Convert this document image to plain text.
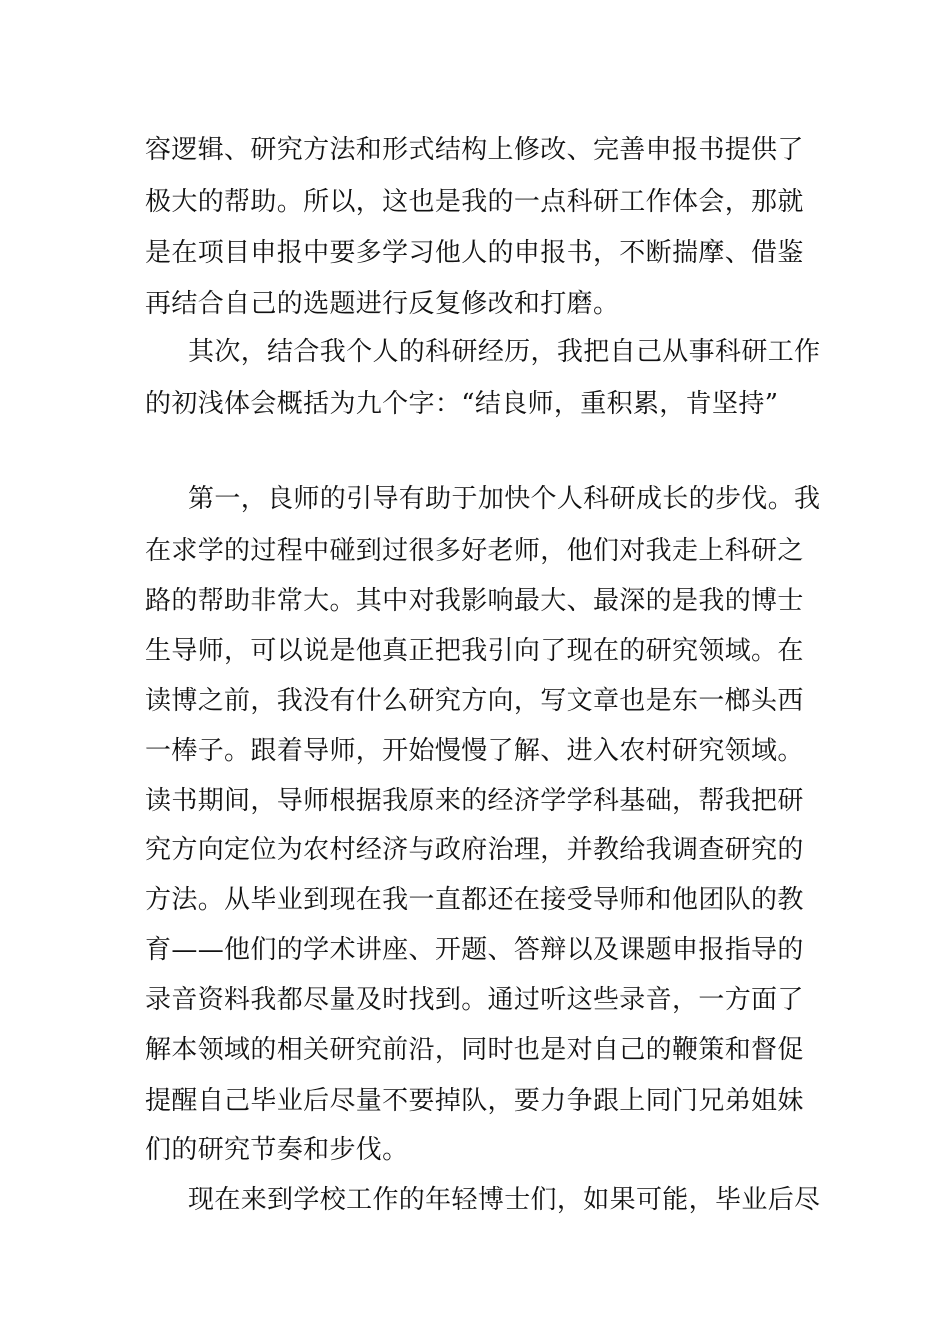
容逻辑、研究方法和形式结构上修改、完善申报书提供了
极大的帮助。所以，这也是我的一点科研工作体会，那就
是在项目申报中要多学习他人的申报书，不断揣摩、借鉴
再结合自己的选题进行反复修改和打磨。
其次，结合我个人的科研经历，我把自己从事科研工作
的初浅体会概括为九个字：“结良师，重积累，肯坚持”
第一，良师的引导有助于加快个人科研成长的步伐。我
在求学的过程中碰到过很多好老师，他们对我走上科研之
路的帮助非常大。其中对我影响最大、最深的是我的博士
生导师，可以说是他真正把我引向了现在的研究领域。在
读博之前，我没有什么研究方向，写文章也是东一榔头西
一棒子。跟着导师，开始慢慢了解、进入农村研究领域。
读书期间，导师根据我原来的经济学学科基础，帮我把研
究方向定位为农村经济与政府治理，并教给我调查研究的
方法。从毕业到现在我一直都还在接受导师和他团队的教
育——他们的学术讲座、开题、答辩以及课题申报指导的
录音资料我都尽量及时找到。通过听这些录音，一方面了
解本领域的相关研究前沿，同时也是对自己的鞭策和督促
提醒自己毕业后尽量不要掉队，要力争跟上同门兄弟姐妹
们的研究节奏和步伐。
现在来到学校工作的年轻博士们，如果可能，毕业后尽
